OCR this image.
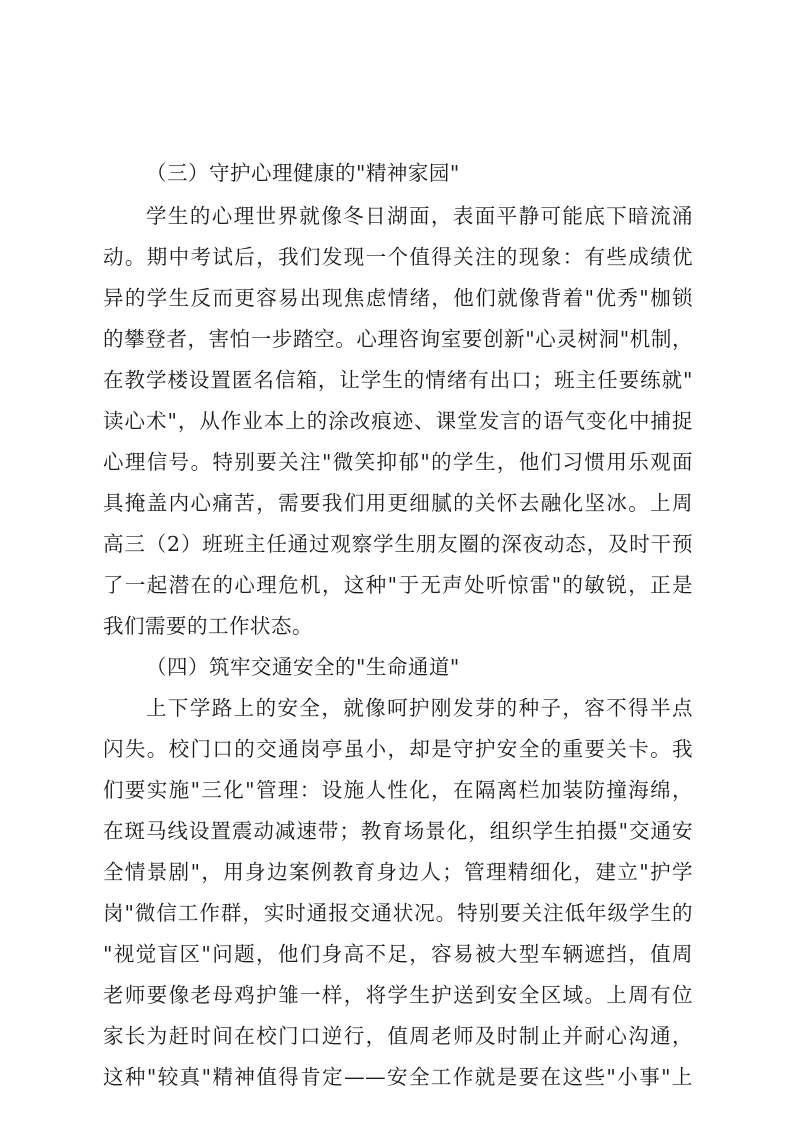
（三）守护心理健康的"精神家园"
学生的心理世界就像冬日湖面，表面平静可能底下暗流涌
动。期中考试后，我们发现一个值得关注的现象：有些成绩优
异的学生反而更容易出现焦虑情绪，他们就像背着"优秀"枷锁
的攀登者，害怕一步踏空。心理咨询室要创新"心灵树洞"机制，
在教学楼设置匿名信箱，让学生的情绪有出口；班主任要练就"
读心术"，从作业本上的涂改痕迹、课堂发言的语气变化中捕捉
心理信号。特别要关注"微笑抑郁"的学生，他们习惯用乐观面
具掩盖内心痛苦，需要我们用更细腻的关怀去融化坚冰。上周
高三（2）班班主任通过观察学生朋友圈的深夜动态，及时干预
了一起潜在的心理危机，这种"于无声处听惊雷"的敏锐，正是
我们需要的工作状态。
（四）筑牢交通安全的"生命通道"
上下学路上的安全，就像呵护刚发芽的种子，容不得半点
闪失。校门口的交通岗亭虽小，却是守护安全的重要关卡。我
们要实施"三化"管理：设施人性化，在隔离栏加装防撞海绵，
在斑马线设置震动减速带；教育场景化，组织学生拍摄"交通安
全情景剧"，用身边案例教育身边人；管理精细化，建立"护学
岗"微信工作群，实时通报交通状况。特别要关注低年级学生的
"视觉盲区"问题，他们身高不足，容易被大型车辆遮挡，值周
老师要像老母鸡护雏一样，将学生护送到安全区域。上周有位
家长为赶时间在校门口逆行，值周老师及时制止并耐心沟通，
这种"较真"精神值得肯定——安全工作就是要在这些"小事"上
